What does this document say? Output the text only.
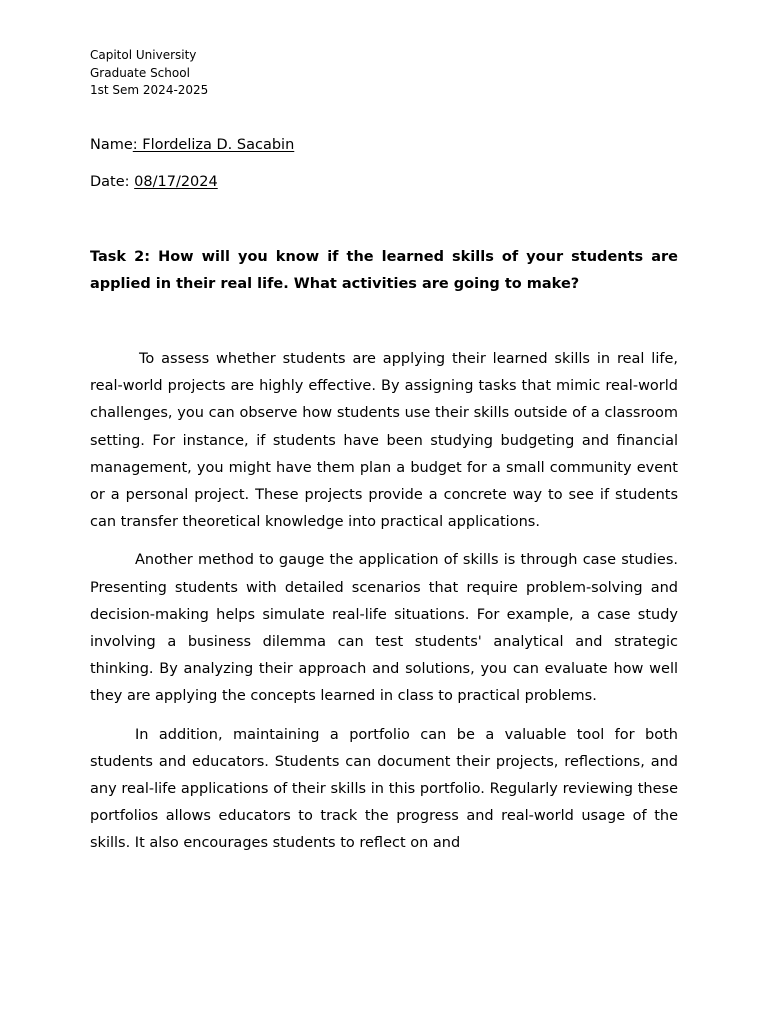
Capitol University
Graduate School
1st Sem 2024-2025
Name: Flordeliza D. Sacabin
Date: 08/17/2024
Task 2: How will you know if the learned skills of your students are applied in their real life. What activities are going to make?

To assess whether students are applying their learned skills in real life, real-world projects are highly effective. By assigning tasks that mimic real-world challenges, you can observe how students use their skills outside of a classroom setting. For instance, if students have been studying budgeting and financial management, you might have them plan a budget for a small community event or a personal project. These projects provide a concrete way to see if students can transfer theoretical knowledge into practical applications.

Another method to gauge the application of skills is through case studies. Presenting students with detailed scenarios that require problem-solving and decision-making helps simulate real-life situations. For example, a case study involving a business dilemma can test students' analytical and strategic thinking. By analyzing their approach and solutions, you can evaluate how well they are applying the concepts learned in class to practical problems.

In addition, maintaining a portfolio can be a valuable tool for both students and educators. Students can document their projects, reflections, and any real-life applications of their skills in this portfolio. Regularly reviewing these portfolios allows educators to track the progress and real-world usage of the skills. It also encourages students to reflect on and
